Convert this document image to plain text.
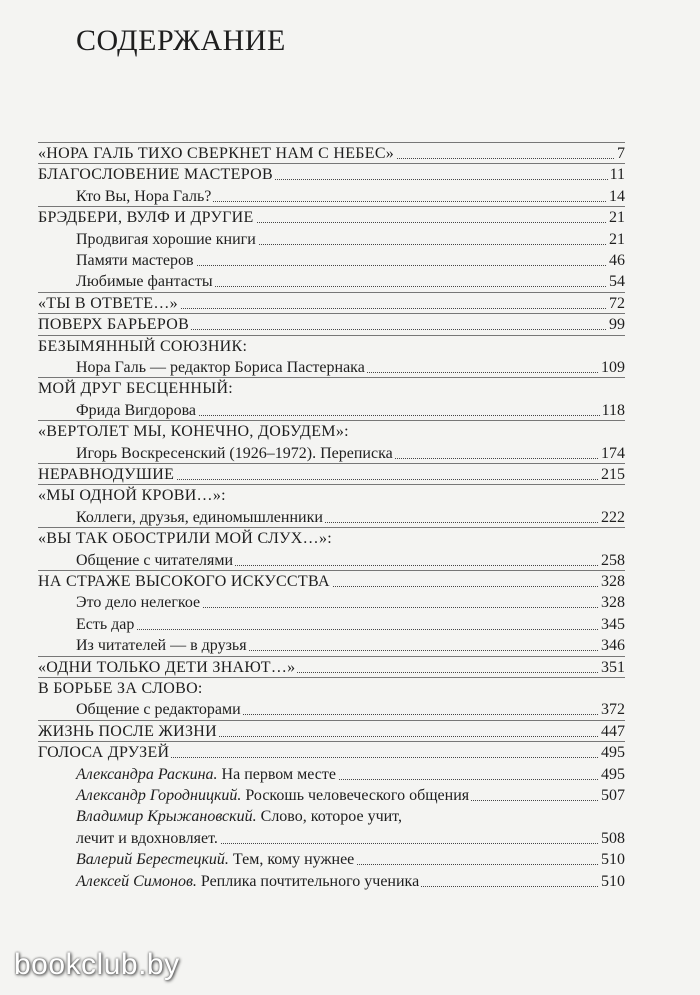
СОДЕРЖАНИЕ
«НОРА ГАЛЬ ТИХО СВЕРКНЕТ НАМ С НЕБЕС»	7
БЛАГОСЛОВЕНИЕ МАСТЕРОВ	11
Кто Вы, Нора Галь?	14
БРЭДБЕРИ, ВУЛФ И ДРУГИЕ	21
Продвигая хорошие книги	21
Памяти мастеров	46
Любимые фантасты	54
«ТЫ В ОТВЕТЕ…»	72
ПОВЕРХ БАРЬЕРОВ	99
БЕЗЫМЯННЫЙ СОЮЗНИК:
Нора Галь — редактор Бориса Пастернака	109
МОЙ ДРУГ БЕСЦЕННЫЙ:
Фрида Вигдорова	118
«ВЕРТОЛЕТ МЫ, КОНЕЧНО, ДОБУДЕМ»:
Игорь Воскресенский (1926–1972). Переписка	174
НЕРАВНОДУШИЕ	215
«МЫ ОДНОЙ КРОВИ…»:
Коллеги, друзья, единомышленники	222
«ВЫ ТАК ОБОСТРИЛИ МОЙ СЛУХ…»:
Общение с читателями	258
НА СТРАЖЕ ВЫСОКОГО ИСКУССТВА	328
Это дело нелегкое	328
Есть дар	345
Из читателей — в друзья	346
«ОДНИ ТОЛЬКО ДЕТИ ЗНАЮТ…»	351
В БОРЬБЕ ЗА СЛОВО:
Общение с редакторами	372
ЖИЗНЬ ПОСЛЕ ЖИЗНИ	447
ГОЛОСА ДРУЗЕЙ	495
Александра Раскина. На первом месте	495
Александр Городницкий. Роскошь человеческого общения	507
Владимир Крыжановский. Слово, которое учит,
лечит и вдохновляет.	508
Валерий Берестецкий. Тем, кому нужнее	510
Алексей Симонов. Реплика почтительного ученика	510
bookclub.by
